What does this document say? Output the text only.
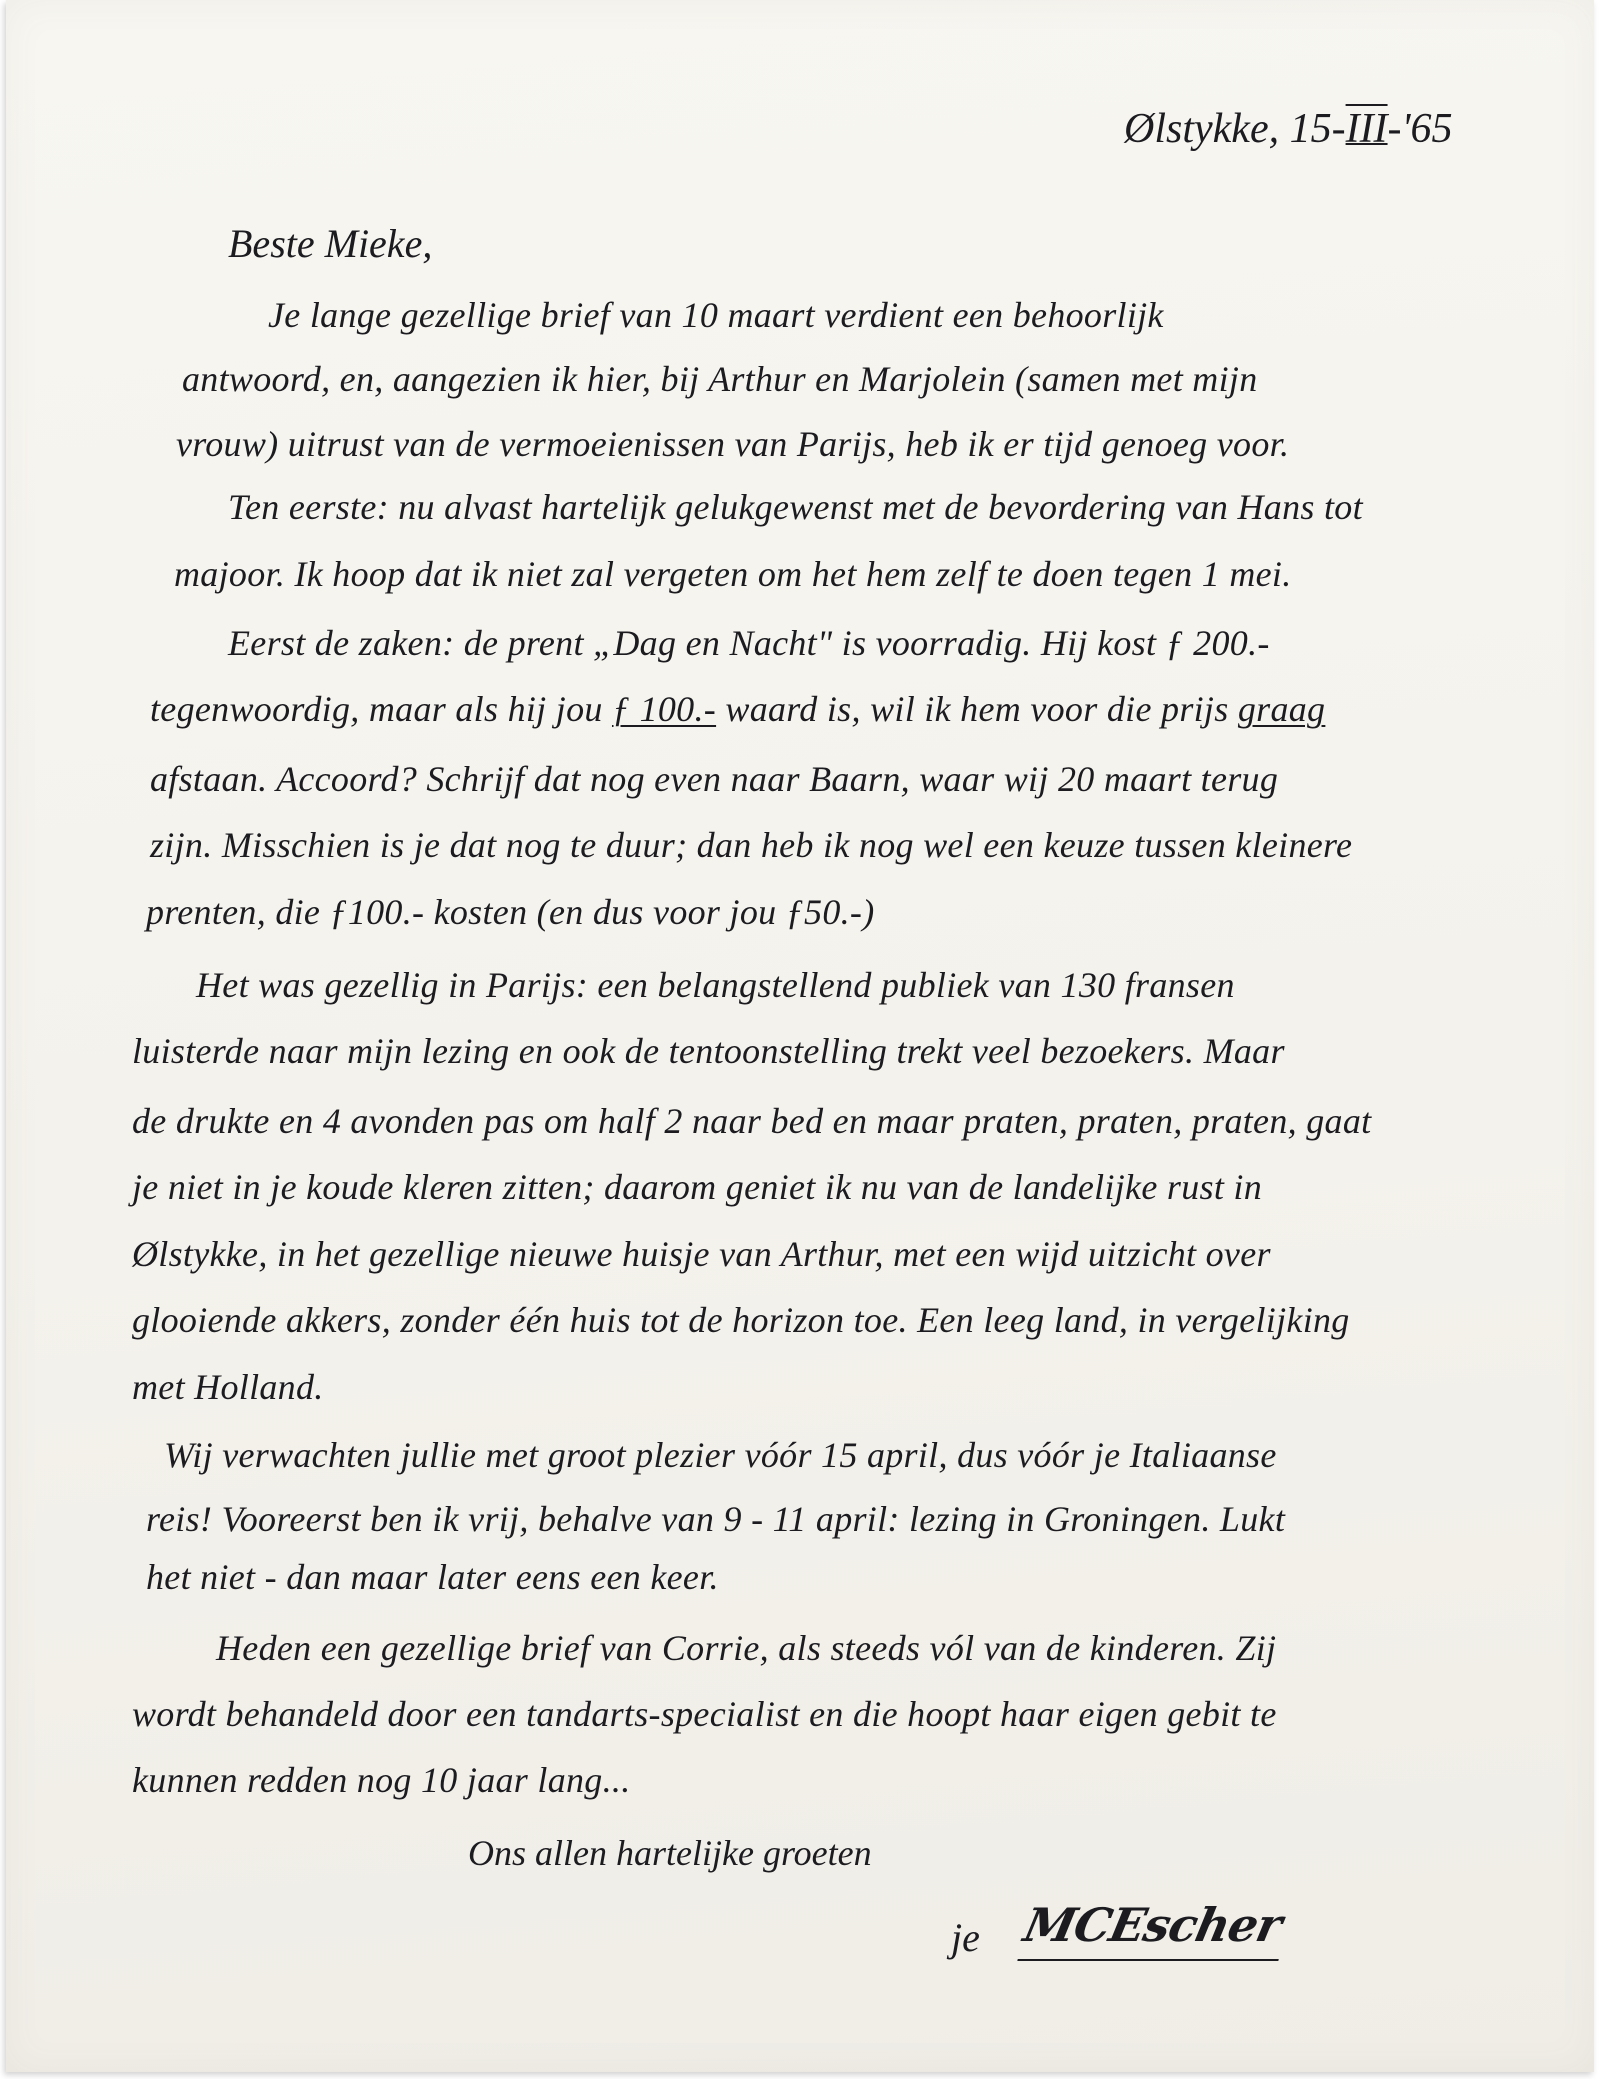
Ølstykke, 15-III-'65
Beste Mieke,
Je lange gezellige brief van 10 maart verdient een behoorlijk
antwoord, en, aangezien ik hier, bij Arthur en Marjolein (samen met mijn
vrouw) uitrust van de vermoeienissen van Parijs, heb ik er tijd genoeg voor.
Ten eerste: nu alvast hartelijk gelukgewenst met de bevordering van Hans tot
majoor. Ik hoop dat ik niet zal vergeten om het hem zelf te doen tegen 1 mei.
Eerst de zaken: de prent „Dag en Nacht" is voorradig. Hij kost ƒ 200.-
tegenwoordig, maar als hij jou ƒ 100.- waard is, wil ik hem voor die prijs graag
afstaan. Accoord? Schrijf dat nog even naar Baarn, waar wij 20 maart terug
zijn. Misschien is je dat nog te duur; dan heb ik nog wel een keuze tussen kleinere
prenten, die ƒ100.- kosten (en dus voor jou ƒ50.-)
Het was gezellig in Parijs: een belangstellend publiek van 130 fransen
luisterde naar mijn lezing en ook de tentoonstelling trekt veel bezoekers. Maar
de drukte en 4 avonden pas om half 2 naar bed en maar praten, praten, praten, gaat
je niet in je koude kleren zitten; daarom geniet ik nu van de landelijke rust in
Ølstykke, in het gezellige nieuwe huisje van Arthur, met een wijd uitzicht over
glooiende akkers, zonder één huis tot de horizon toe. Een leeg land, in vergelijking
met Holland.
Wij verwachten jullie met groot plezier vóór 15 april, dus vóór je Italiaanse
reis! Vooreerst ben ik vrij, behalve van 9 - 11 april: lezing in Groningen. Lukt
het niet - dan maar later eens een keer.
Heden een gezellige brief van Corrie, als steeds vól van de kinderen. Zij
wordt behandeld door een tandarts-specialist en die hoopt haar eigen gebit te
kunnen redden nog 10 jaar lang...
Ons allen hartelijke groeten
je MCEscher
